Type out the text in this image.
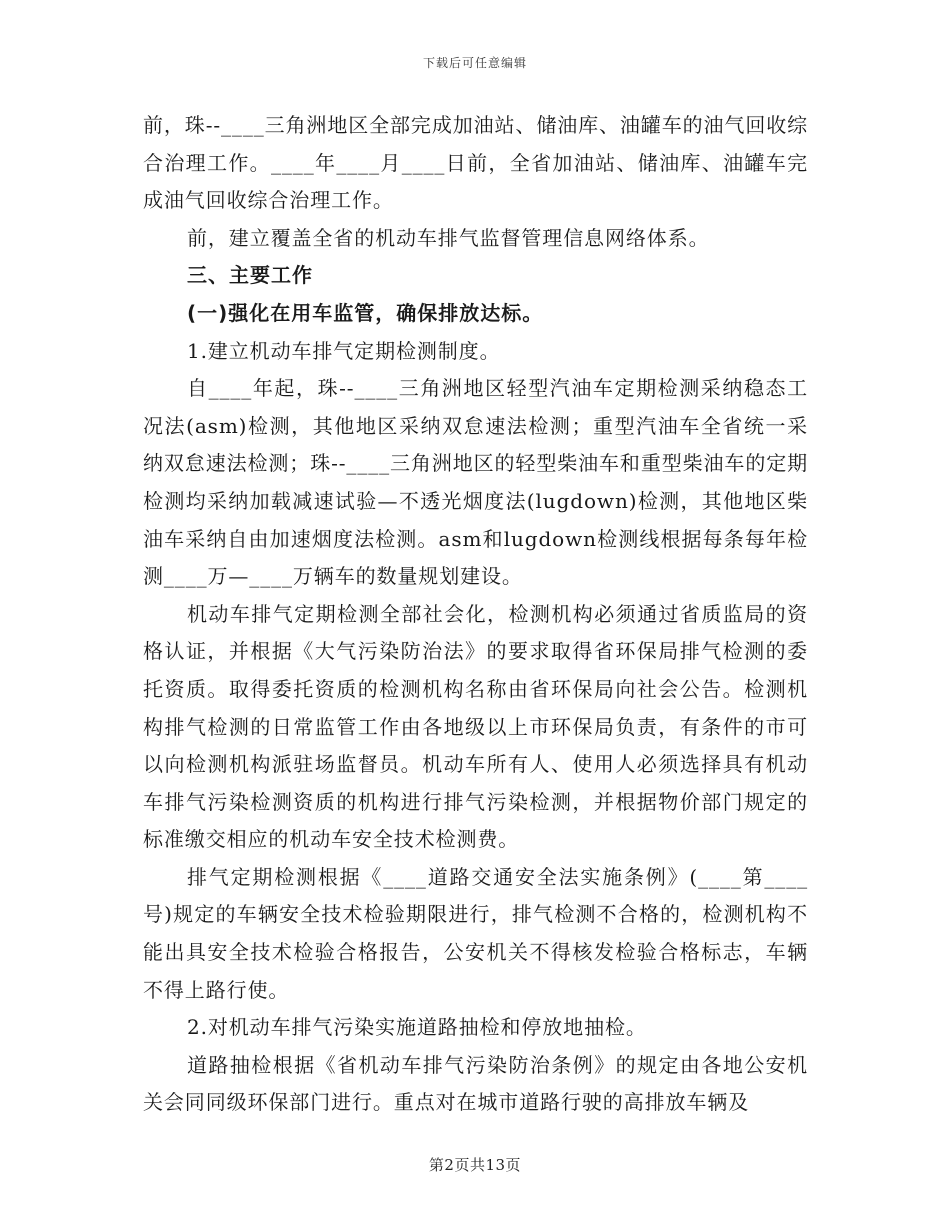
下载后可任意编辑

前，珠--____三角洲地区全部完成加油站、储油库、油罐车的油气回收综合治理工作。____年____月____日前，全省加油站、储油库、油罐车完成油气回收综合治理工作。

前，建立覆盖全省的机动车排气监督管理信息网络体系。

三、主要工作

(一)强化在用车监管，确保排放达标。

1.建立机动车排气定期检测制度。

自____年起，珠--____三角洲地区轻型汽油车定期检测采纳稳态工况法(asm)检测，其他地区采纳双怠速法检测；重型汽油车全省统一采纳双怠速法检测；珠--____三角洲地区的轻型柴油车和重型柴油车的定期检测均采纳加载减速试验—不透光烟度法(lugdown)检测，其他地区柴油车采纳自由加速烟度法检测。asm和lugdown检测线根据每条每年检测____万—____万辆车的数量规划建设。

机动车排气定期检测全部社会化，检测机构必须通过省质监局的资格认证，并根据《大气污染防治法》的要求取得省环保局排气检测的委托资质。取得委托资质的检测机构名称由省环保局向社会公告。检测机构排气检测的日常监管工作由各地级以上市环保局负责，有条件的市可以向检测机构派驻场监督员。机动车所有人、使用人必须选择具有机动车排气污染检测资质的机构进行排气污染检测，并根据物价部门规定的标准缴交相应的机动车安全技术检测费。

排气定期检测根据《____道路交通安全法实施条例》(____第____号)规定的车辆安全技术检验期限进行，排气检测不合格的，检测机构不能出具安全技术检验合格报告，公安机关不得核发检验合格标志，车辆不得上路行使。

2.对机动车排气污染实施道路抽检和停放地抽检。

道路抽检根据《省机动车排气污染防治条例》的规定由各地公安机关会同同级环保部门进行。重点对在城市道路行驶的高排放车辆及

第2页共13页
